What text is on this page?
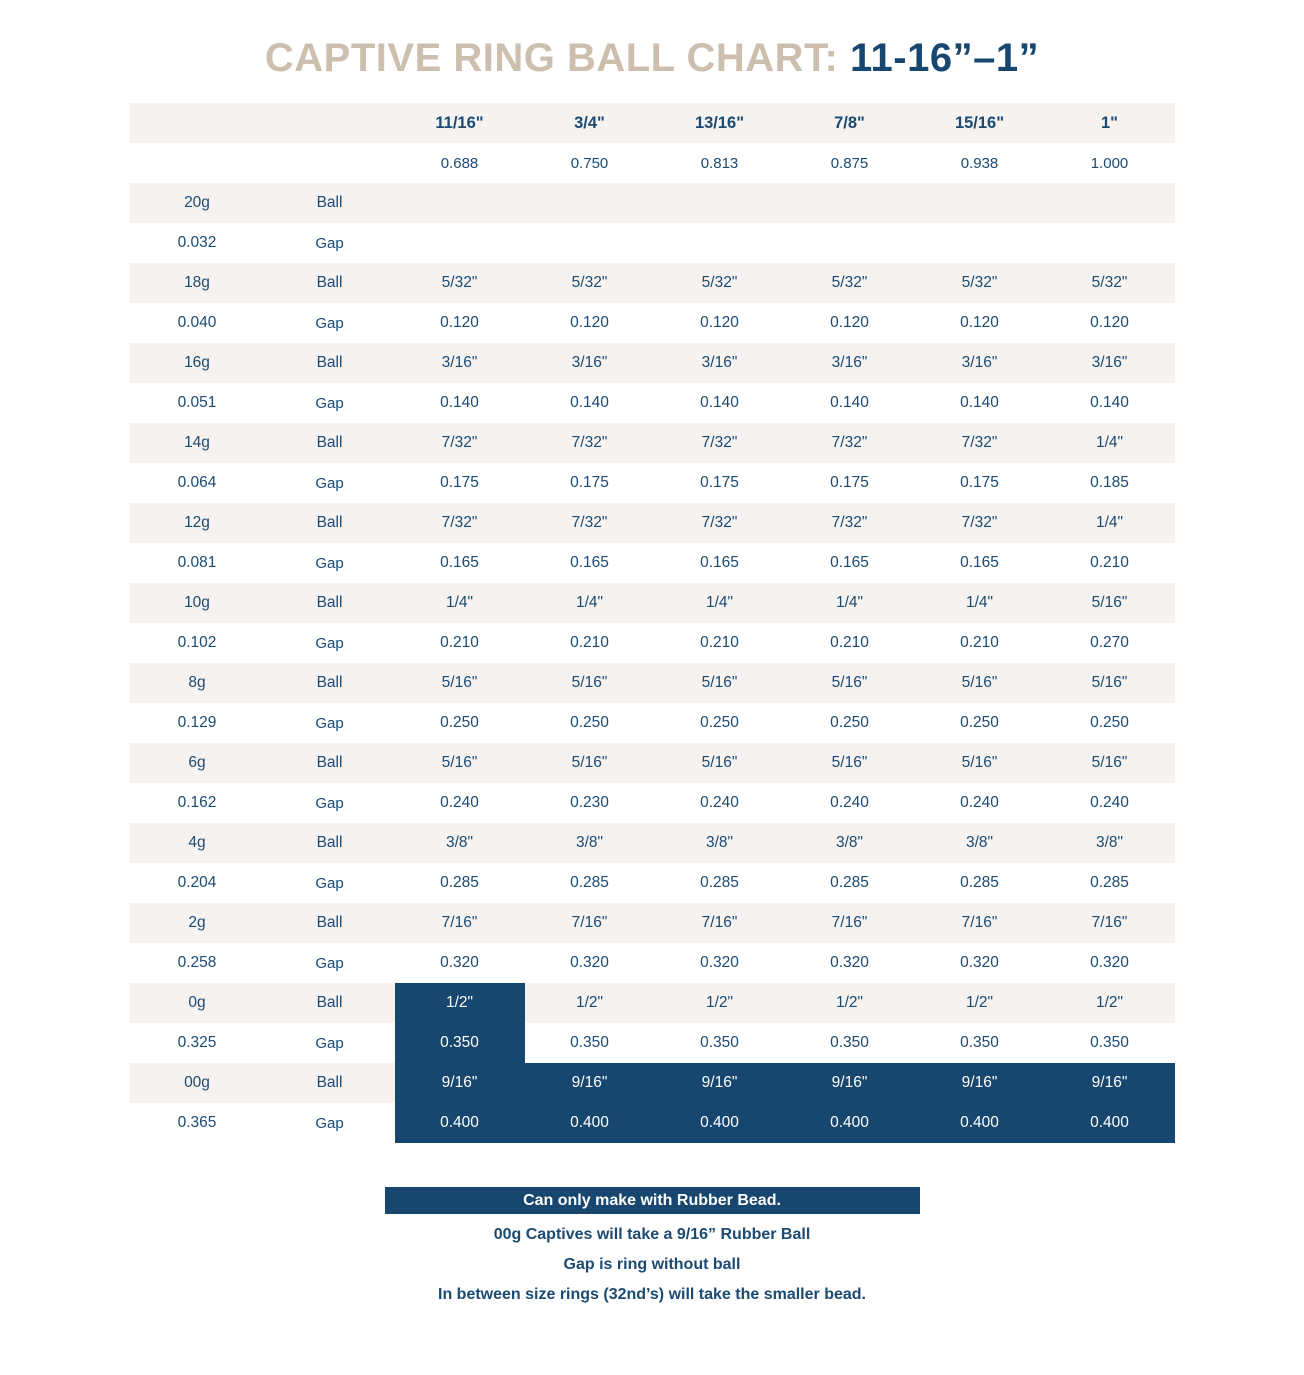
CAPTIVE RING BALL CHART: 11-16”–1”
		11/16"	3/4"	13/16"	7/8"	15/16"	1"
		0.688	0.750	0.813	0.875	0.938	1.000
20g	Ball						
0.032	Gap						
18g	Ball	5/32"	5/32"	5/32"	5/32"	5/32"	5/32"
0.040	Gap	0.120	0.120	0.120	0.120	0.120	0.120
16g	Ball	3/16"	3/16"	3/16"	3/16"	3/16"	3/16"
0.051	Gap	0.140	0.140	0.140	0.140	0.140	0.140
14g	Ball	7/32"	7/32"	7/32"	7/32"	7/32"	1/4"
0.064	Gap	0.175	0.175	0.175	0.175	0.175	0.185
12g	Ball	7/32"	7/32"	7/32"	7/32"	7/32"	1/4"
0.081	Gap	0.165	0.165	0.165	0.165	0.165	0.210
10g	Ball	1/4"	1/4"	1/4"	1/4"	1/4"	5/16"
0.102	Gap	0.210	0.210	0.210	0.210	0.210	0.270
8g	Ball	5/16"	5/16"	5/16"	5/16"	5/16"	5/16"
0.129	Gap	0.250	0.250	0.250	0.250	0.250	0.250
6g	Ball	5/16"	5/16"	5/16"	5/16"	5/16"	5/16"
0.162	Gap	0.240	0.230	0.240	0.240	0.240	0.240
4g	Ball	3/8"	3/8"	3/8"	3/8"	3/8"	3/8"
0.204	Gap	0.285	0.285	0.285	0.285	0.285	0.285
2g	Ball	7/16"	7/16"	7/16"	7/16"	7/16"	7/16"
0.258	Gap	0.320	0.320	0.320	0.320	0.320	0.320
0g	Ball	1/2"	1/2"	1/2"	1/2"	1/2"	1/2"
0.325	Gap	0.350	0.350	0.350	0.350	0.350	0.350
00g	Ball	9/16"	9/16"	9/16"	9/16"	9/16"	9/16"
0.365	Gap	0.400	0.400	0.400	0.400	0.400	0.400
Can only make with Rubber Bead.
00g Captives will take a 9/16” Rubber Ball
Gap is ring without ball
In between size rings (32nd’s) will take the smaller bead.
